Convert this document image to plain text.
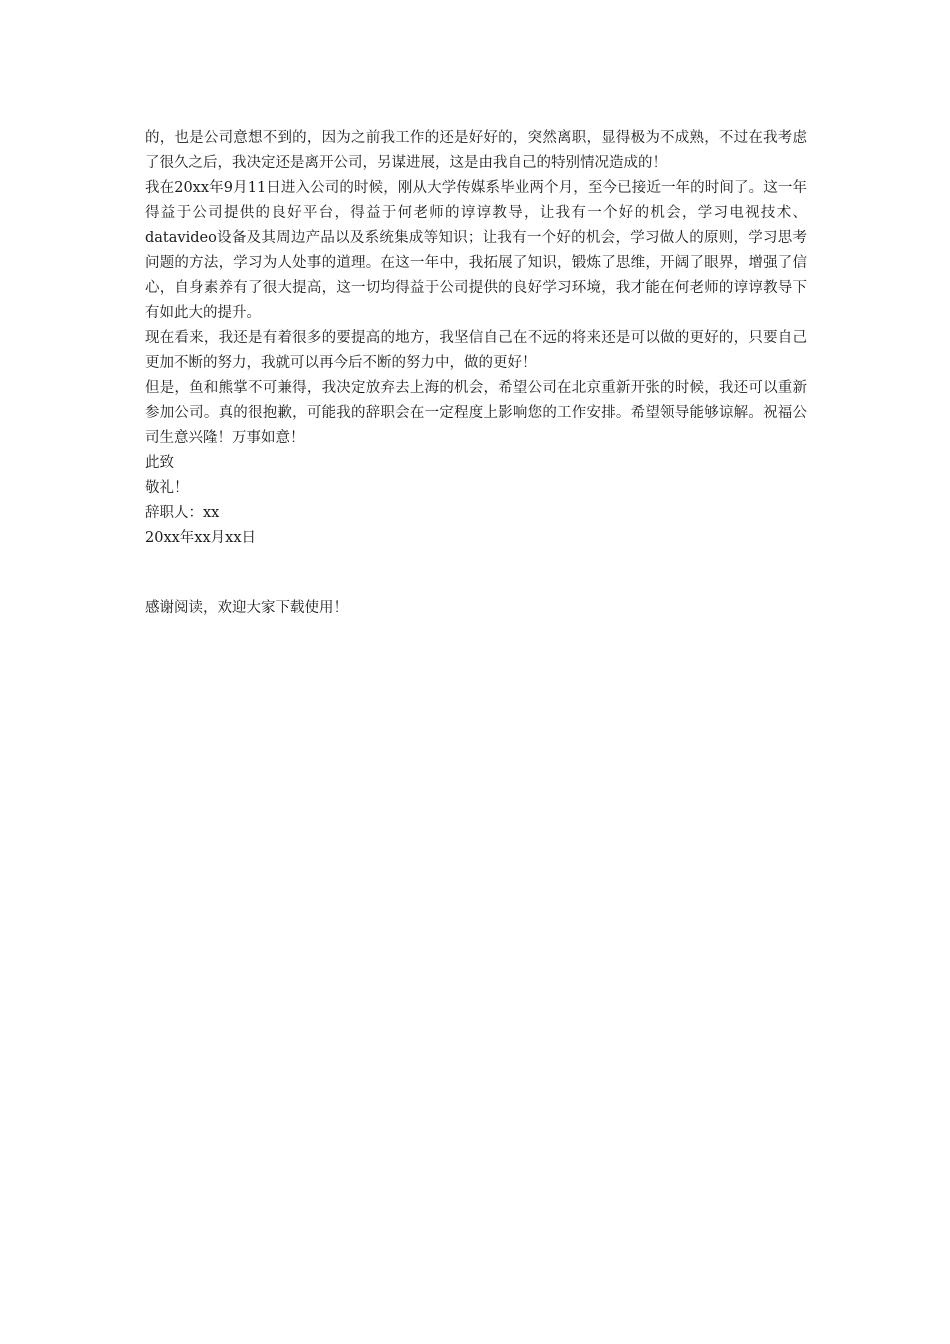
的，也是公司意想不到的，因为之前我工作的还是好好的，突然离职，显得极为不成熟，不过在我考虑了很久之后，我决定还是离开公司，另谋进展，这是由我自己的特别情况造成的！

我在20xx年9月11日进入公司的时候，刚从大学传媒系毕业两个月，至今已接近一年的时间了。这一年得益于公司提供的良好平台，得益于何老师的谆谆教导，让我有一个好的机会，学习电视技术、datavideo设备及其周边产品以及系统集成等知识；让我有一个好的机会，学习做人的原则，学习思考问题的方法，学习为人处事的道理。在这一年中，我拓展了知识，锻炼了思维，开阔了眼界，增强了信心，自身素养有了很大提高，这一切均得益于公司提供的良好学习环境，我才能在何老师的谆谆教导下有如此大的提升。

现在看来，我还是有着很多的要提高的地方，我坚信自己在不远的将来还是可以做的更好的，只要自己更加不断的努力，我就可以再今后不断的努力中，做的更好！

但是，鱼和熊掌不可兼得，我决定放弃去上海的机会，希望公司在北京重新开张的时候，我还可以重新参加公司。真的很抱歉，可能我的辞职会在一定程度上影响您的工作安排。希望领导能够谅解。祝福公司生意兴隆！万事如意！

此致

敬礼！

辞职人：xx

20xx年xx月xx日

感谢阅读，欢迎大家下载使用！
